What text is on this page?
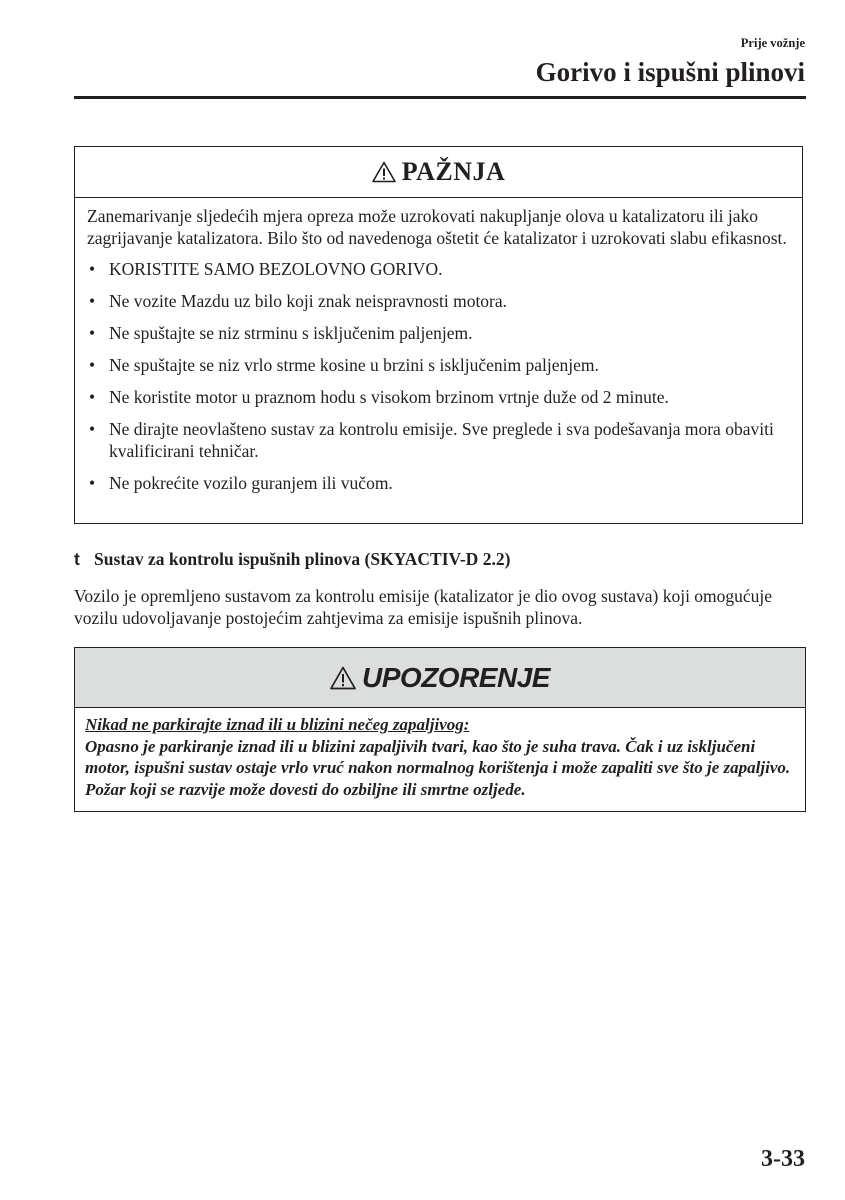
Prije vožnje
Gorivo i ispušni plinovi
PAŽNJA

Zanemarivanje sljedećih mjera opreza može uzrokovati nakupljanje olova u katalizatoru ili jako zagrijavanje katalizatora. Bilo što od navedenoga oštetit će katalizator i uzrokovati slabu efikasnost.

• KORISTITE SAMO BEZOLOVNO GORIVO.
• Ne vozite Mazdu uz bilo koji znak neispravnosti motora.
• Ne spuštajte se niz strminu s isključenim paljenjem.
• Ne spuštajte se niz vrlo strme kosine u brzini s isključenim paljenjem.
• Ne koristite motor u praznom hodu s visokom brzinom vrtnje duže od 2 minute.
• Ne dirajte neovlašteno sustav za kontrolu emisije. Sve preglede i sva podešavanja mora obaviti kvalificirani tehničar.
• Ne pokrećite vozilo guranjem ili vučom.
t Sustav za kontrolu ispušnih plinova (SKYACTIV-D 2.2)
Vozilo je opremljeno sustavom za kontrolu emisije (katalizator je dio ovog sustava) koji omogućuje vozilu udovoljavanje postojećim zahtjevima za emisije ispušnih plinova.
UPOZORENJE
Nikad ne parkirajte iznad ili u blizini nečeg zapaljivog:
Opasno je parkiranje iznad ili u blizini zapaljivih tvari, kao što je suha trava. Čak i uz isključeni motor, ispušni sustav ostaje vrlo vruć nakon normalnog korištenja i može zapaliti sve što je zapaljivo. Požar koji se razvije može dovesti do ozbiljne ili smrtne ozljede.
3-33
